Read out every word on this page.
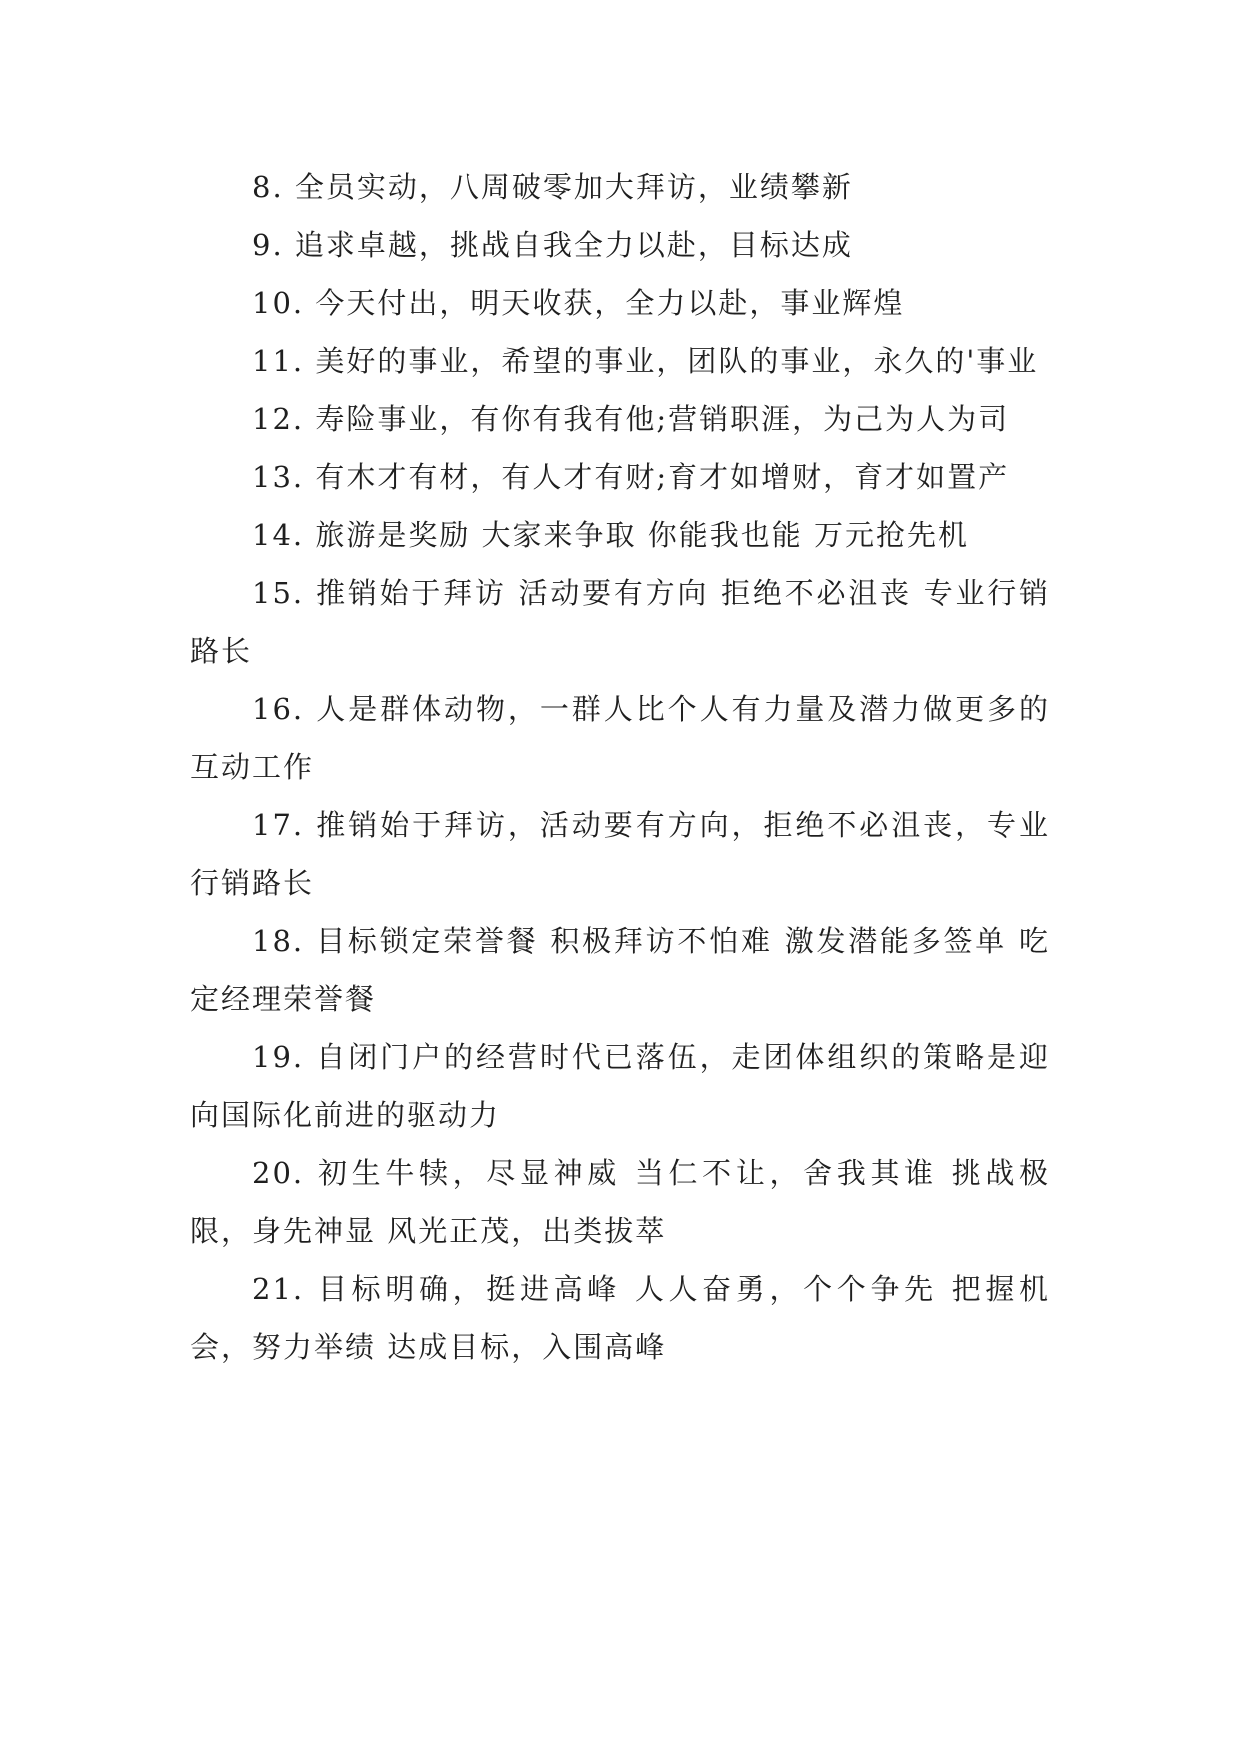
8. 全员实动，八周破零加大拜访，业绩攀新

9. 追求卓越，挑战自我全力以赴，目标达成

10. 今天付出，明天收获，全力以赴，事业辉煌

11. 美好的事业，希望的事业，团队的事业，永久的'事业

12. 寿险事业，有你有我有他;营销职涯，为己为人为司

13. 有木才有材，有人才有财;育才如增财，育才如置产

14. 旅游是奖励 大家来争取 你能我也能 万元抢先机

15. 推销始于拜访 活动要有方向 拒绝不必沮丧 专业行销路长

16. 人是群体动物，一群人比个人有力量及潜力做更多的互动工作

17. 推销始于拜访，活动要有方向，拒绝不必沮丧，专业行销路长

18. 目标锁定荣誉餐 积极拜访不怕难 激发潜能多签单 吃定经理荣誉餐

19. 自闭门户的经营时代已落伍，走团体组织的策略是迎向国际化前进的驱动力

20. 初生牛犊，尽显神威 当仁不让，舍我其谁 挑战极限，身先神显 风光正茂，出类拔萃

21. 目标明确，挺进高峰 人人奋勇，个个争先 把握机会，努力举绩 达成目标，入围高峰
